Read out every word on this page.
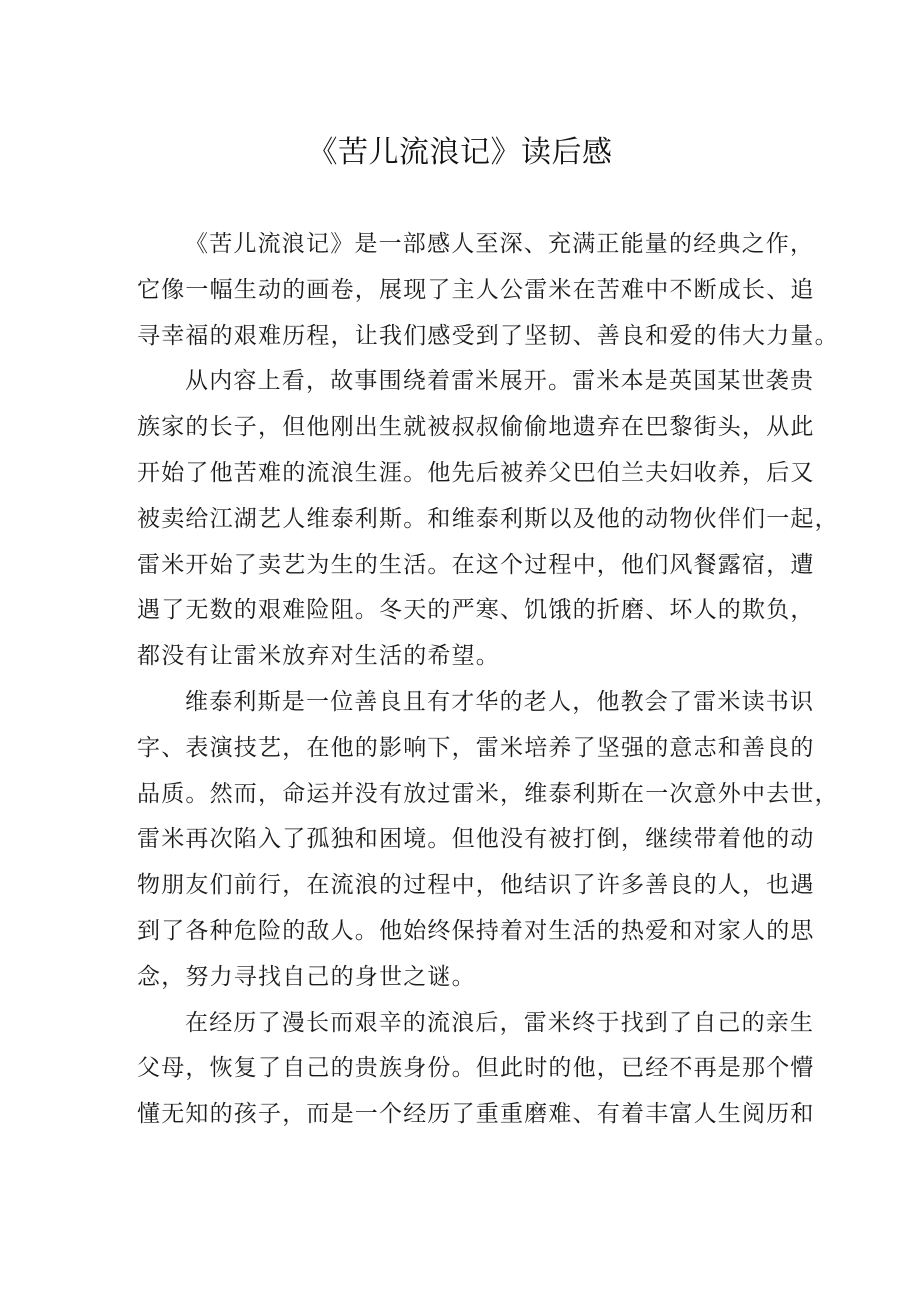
《苦儿流浪记》读后感
《苦儿流浪记》是一部感人至深、充满正能量的经典之作，
它像一幅生动的画卷，展现了主人公雷米在苦难中不断成长、追
寻幸福的艰难历程，让我们感受到了坚韧、善良和爱的伟大力量。
从内容上看，故事围绕着雷米展开。雷米本是英国某世袭贵
族家的长子，但他刚出生就被叔叔偷偷地遗弃在巴黎街头，从此
开始了他苦难的流浪生涯。他先后被养父巴伯兰夫妇收养，后又
被卖给江湖艺人维泰利斯。和维泰利斯以及他的动物伙伴们一起，
雷米开始了卖艺为生的生活。在这个过程中，他们风餐露宿，遭
遇了无数的艰难险阻。冬天的严寒、饥饿的折磨、坏人的欺负，
都没有让雷米放弃对生活的希望。
维泰利斯是一位善良且有才华的老人，他教会了雷米读书识
字、表演技艺，在他的影响下，雷米培养了坚强的意志和善良的
品质。然而，命运并没有放过雷米，维泰利斯在一次意外中去世，
雷米再次陷入了孤独和困境。但他没有被打倒，继续带着他的动
物朋友们前行，在流浪的过程中，他结识了许多善良的人，也遇
到了各种危险的敌人。他始终保持着对生活的热爱和对家人的思
念，努力寻找自己的身世之谜。
在经历了漫长而艰辛的流浪后，雷米终于找到了自己的亲生
父母，恢复了自己的贵族身份。但此时的他，已经不再是那个懵
懂无知的孩子，而是一个经历了重重磨难、有着丰富人生阅历和
